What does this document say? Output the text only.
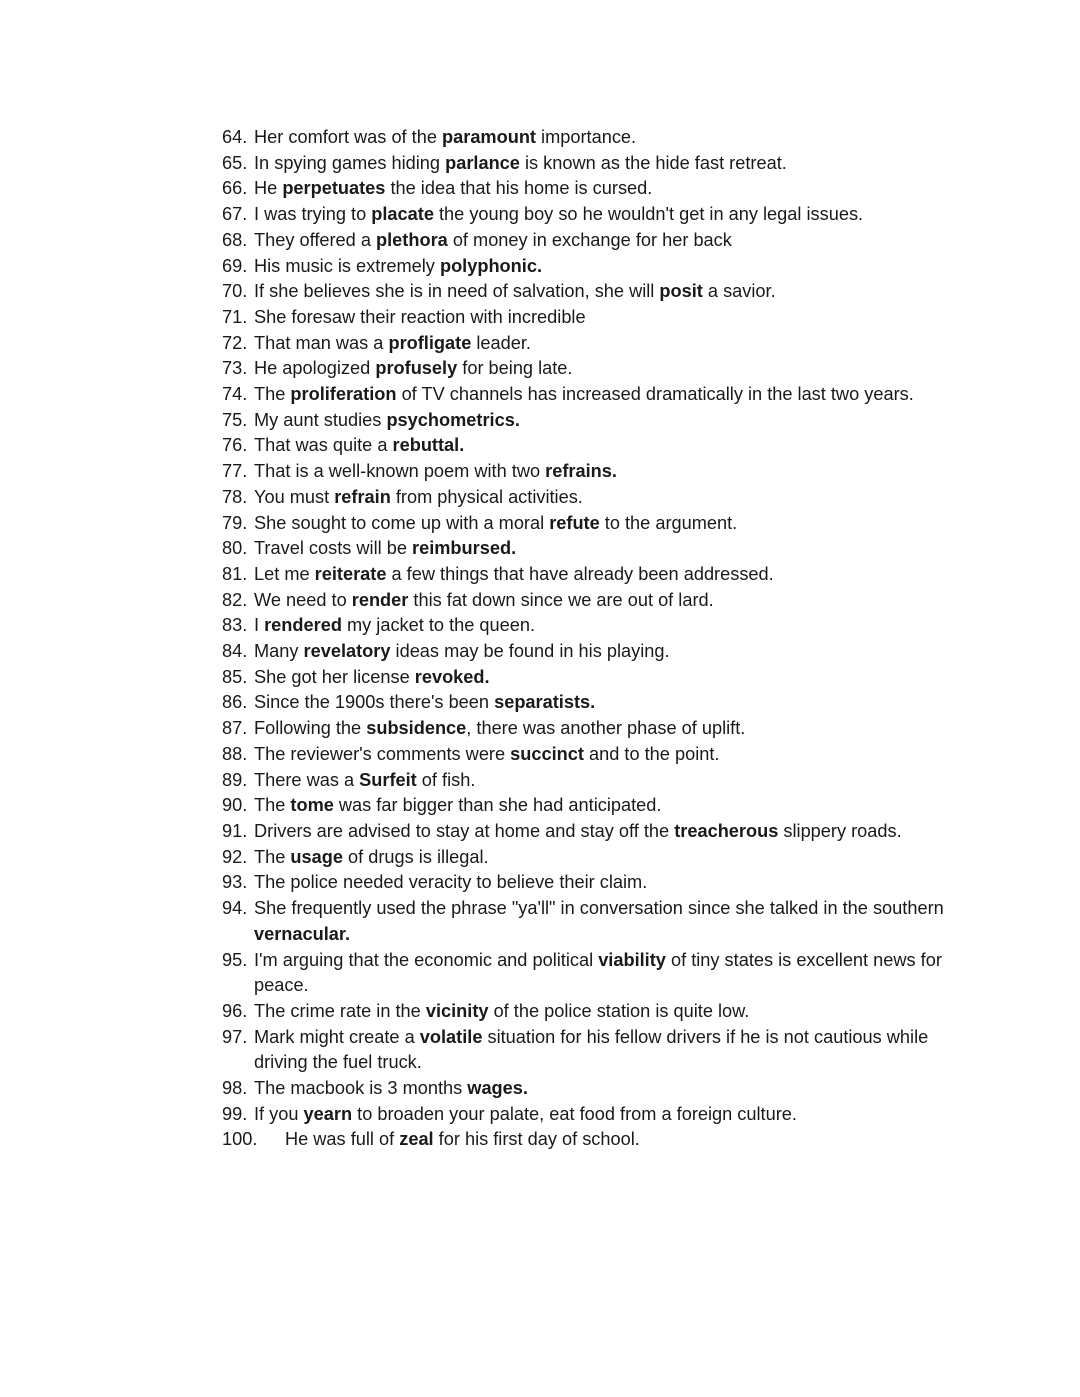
64. Her comfort was of the paramount importance.
65. In spying games hiding parlance is known as the hide fast retreat.
66. He perpetuates the idea that his home is cursed.
67. I was trying to placate the young boy so he wouldn't get in any legal issues.
68. They offered a plethora of money in exchange for her back
69. His music is extremely polyphonic.
70. If she believes she is in need of salvation, she will posit a savior.
71. She foresaw their reaction with incredible
72. That man was a profligate leader.
73. He apologized profusely for being late.
74. The proliferation of TV channels has increased dramatically in the last two years.
75. My aunt studies psychometrics.
76. That was quite a rebuttal.
77. That is a well-known poem with two refrains.
78. You must refrain from physical activities.
79. She sought to come up with a moral refute to the argument.
80. Travel costs will be reimbursed.
81. Let me reiterate a few things that have already been addressed.
82. We need to render this fat down since we are out of lard.
83. I rendered my jacket to the queen.
84. Many revelatory ideas may be found in his playing.
85. She got her license revoked.
86. Since the 1900s there's been separatists.
87. Following the subsidence, there was another phase of uplift.
88. The reviewer's comments were succinct and to the point.
89. There was a Surfeit of fish.
90. The tome was far bigger than she had anticipated.
91. Drivers are advised to stay at home and stay off the treacherous slippery roads.
92. The usage of drugs is illegal.
93. The police needed veracity to believe their claim.
94. She frequently used the phrase "ya'll" in conversation since she talked in the southern vernacular.
95. I'm arguing that the economic and political viability of tiny states is excellent news for peace.
96. The crime rate in the vicinity of the police station is quite low.
97. Mark might create a volatile situation for his fellow drivers if he is not cautious while driving the fuel truck.
98. The macbook is 3 months wages.
99. If you yearn to broaden your palate, eat food from a foreign culture.
100.	He was full of zeal for his first day of school.
